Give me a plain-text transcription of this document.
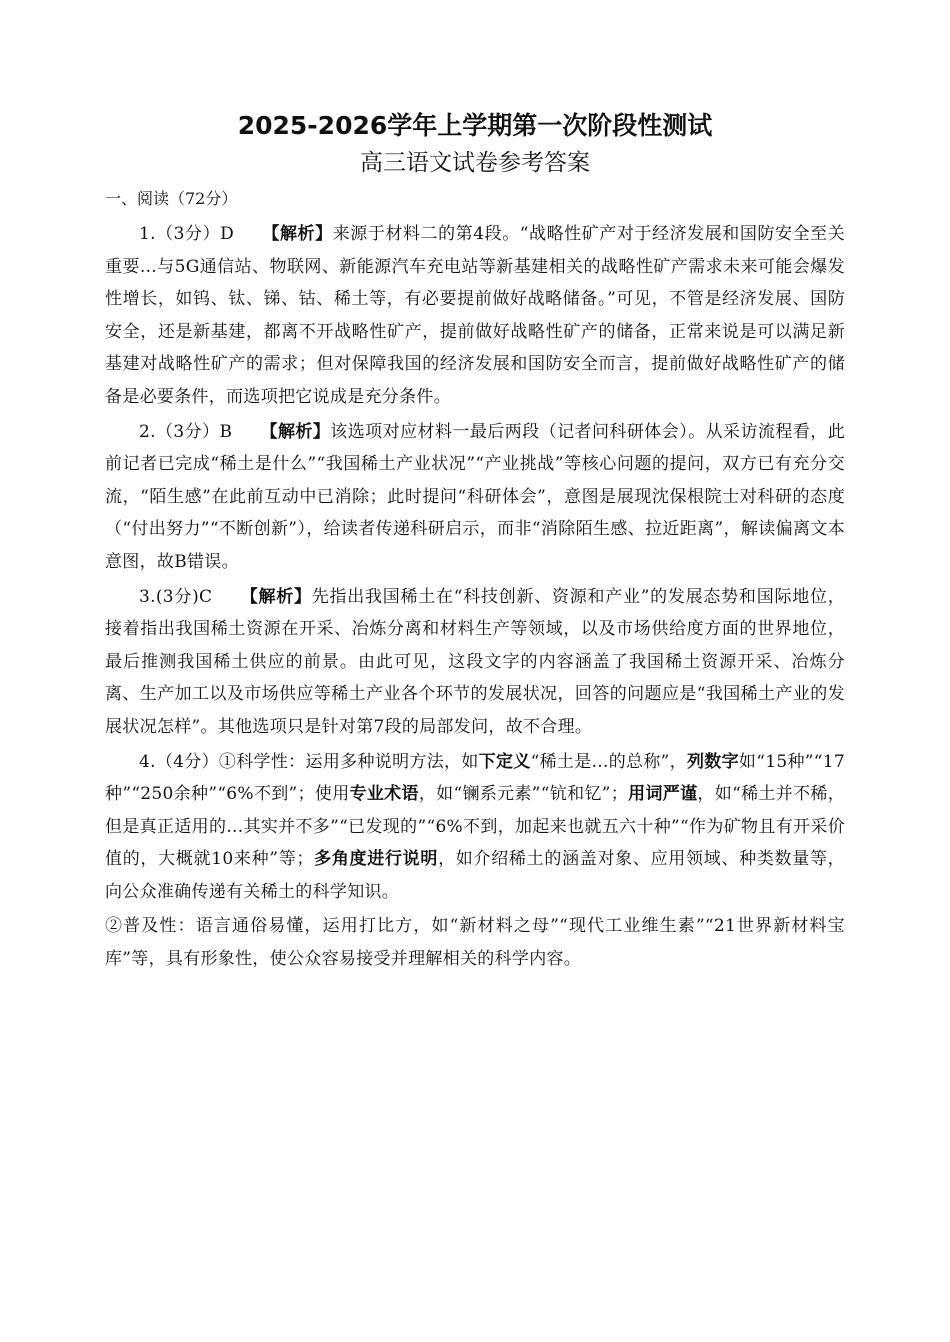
2025-2026学年上学期第一次阶段性测试
高三语文试卷参考答案
一、阅读（72分）

1.（3分）D 【解析】来源于材料二的第4段。“战略性矿产对于经济发展和国防安全至关重要...与5G通信站、物联网、新能源汽车充电站等新基建相关的战略性矿产需求未来可能会爆发性增长，如钨、钛、锑、钴、稀土等，有必要提前做好战略储备。”可见，不管是经济发展、国防安全，还是新基建，都离不开战略性矿产，提前做好战略性矿产的储备，正常来说是可以满足新基建对战略性矿产的需求；但对保障我国的经济发展和国防安全而言，提前做好战略性矿产的储备是必要条件，而选项把它说成是充分条件。

2.（3分）B 【解析】该选项对应材料一最后两段（记者问科研体会）。从采访流程看，此前记者已完成“稀土是什么”“我国稀土产业状况”“产业挑战”等核心问题的提问，双方已有充分交流，“陌生感”在此前互动中已消除；此时提问“科研体会”，意图是展现沈保根院士对科研的态度（“付出努力”“不断创新”），给读者传递科研启示，而非“消除陌生感、拉近距离”，解读偏离文本意图，故B错误。

3.(3分)C 【解析】先指出我国稀土在“科技创新、资源和产业”的发展态势和国际地位，接着指出我国稀土资源在开采、冶炼分离和材料生产等领域，以及市场供给度方面的世界地位，最后推测我国稀土供应的前景。由此可见，这段文字的内容涵盖了我国稀土资源开采、冶炼分离、生产加工以及市场供应等稀土产业各个环节的发展状况，回答的问题应是“我国稀土产业的发展状况怎样”。其他选项只是针对第7段的局部发问，故不合理。

4.（4分）①科学性：运用多种说明方法，如下定义“稀土是...的总称”，列数字如“15种”“17种”“250余种”“6%不到”；使用专业术语，如“镧系元素”“钪和钇”；用词严谨，如“稀土并不稀，但是真正适用的...其实并不多”“已发现的”“6%不到，加起来也就五六十种”“作为矿物且有开采价值的，大概就10来种”等；多角度进行说明，如介绍稀土的涵盖对象、应用领域、种类数量等，向公众准确传递有关稀土的科学知识。

②普及性：语言通俗易懂，运用打比方，如“新材料之母”“现代工业维生素”“21世界新材料宝库”等，具有形象性，使公众容易接受并理解相关的科学内容。
